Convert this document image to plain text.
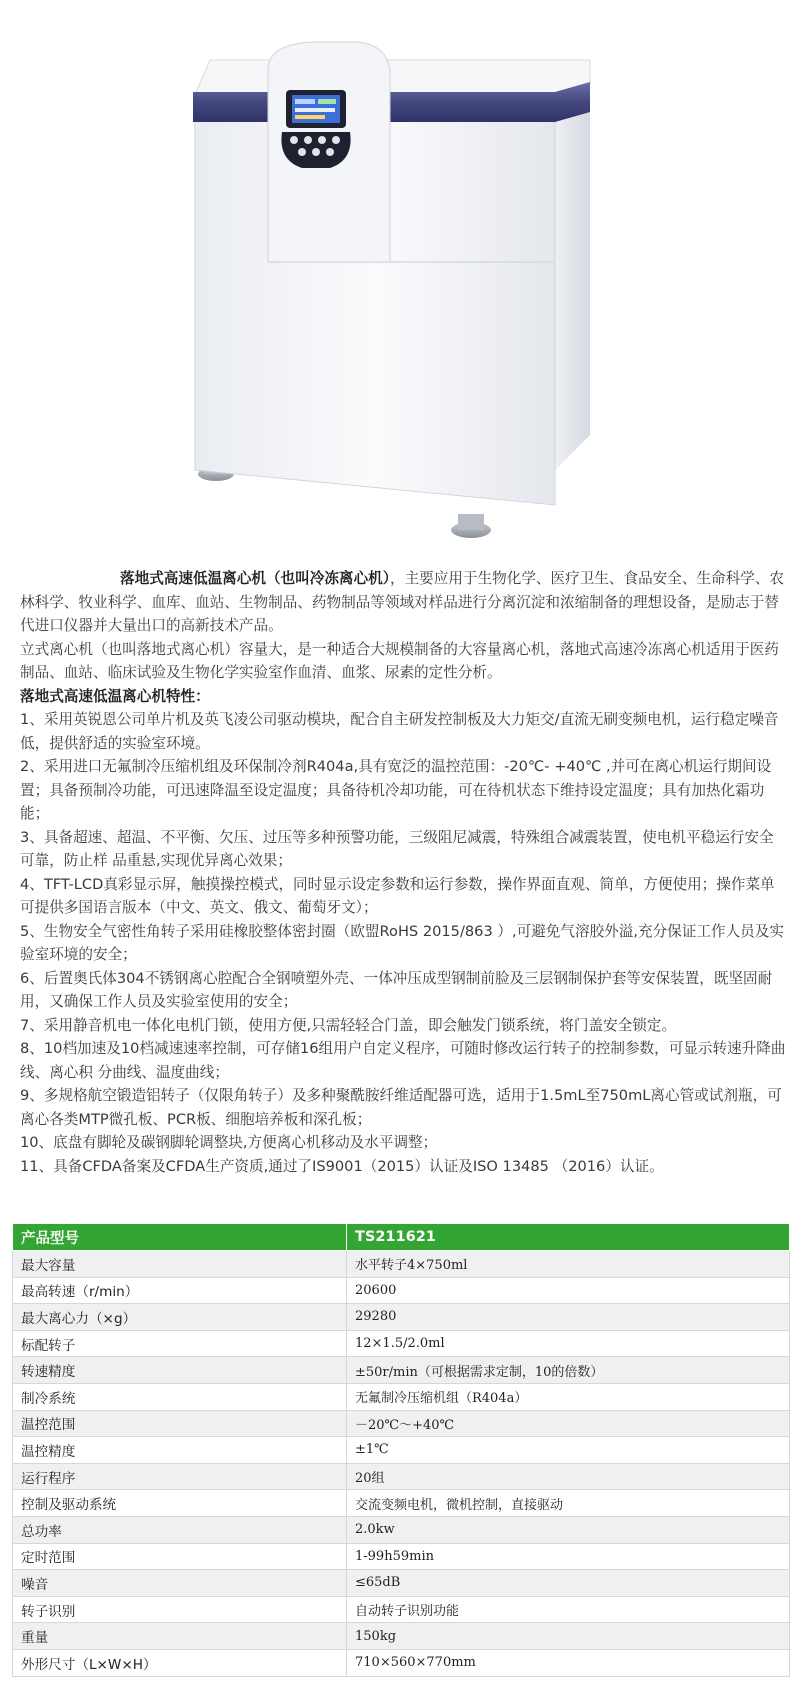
落地式高速低温离心机（也叫冷冻离心机），主要应用于生物化学、医疗卫生、食品安全、生命科学、农林科学、牧业科学、血库、血站、生物制品、药物制品等领域对样品进行分离沉淀和浓缩制备的理想设备，是励志于替代进口仪器并大量出口的高新技术产品。

立式离心机（也叫落地式离心机）容量大，是一种适合大规模制备的大容量离心机，落地式高速冷冻离心机适用于医药制品、血站、临床试验及生物化学实验室作血清、血浆、尿素的定性分析。

落地式高速低温离心机特性：

1、采用英锐恩公司单片机及英飞凌公司驱动模块，配合自主研发控制板及大力矩交/直流无刷变频电机，运行稳定噪音低，提供舒适的实验室环境。

2、采用进口无氟制冷压缩机组及环保制冷剂R404a,具有宽泛的温控范围：-20℃- +40℃ ,并可在离心机运行期间设置；具备预制冷功能，可迅速降温至设定温度；具备待机冷却功能，可在待机状态下维持设定温度；具有加热化霜功能；

3、具备超速、超温、不平衡、欠压、过压等多种预警功能，三级阻尼减震，特殊组合减震装置，使电机平稳运行安全可靠，防止样 品重悬,实现优异离心效果；

4、TFT-LCD真彩显示屏，触摸操控模式，同时显示设定参数和运行参数，操作界面直观、简单，方便使用；操作菜单可提供多国语言版本（中文、英文、俄文、葡萄牙文）；

5、生物安全气密性角转子采用硅橡胶整体密封圈（欧盟RoHS 2015/863 ）,可避免气溶胶外溢,充分保证工作人员及实验室环境的安全；

6、后置奥氏体304不锈钢离心腔配合全钢喷塑外壳、一体冲压成型钢制前脸及三层钢制保护套等安保装置，既坚固耐用，又确保工作人员及实验室使用的安全；

7、采用静音机电一体化电机门锁，使用方便,只需轻轻合门盖，即会触发门锁系统，将门盖安全锁定。

8、10档加速及10档减速速率控制，可存储16组用户自定义程序，可随时修改运行转子的控制参数，可显示转速升降曲线、离心积 分曲线、温度曲线；

9、多规格航空锻造铝转子（仅限角转子）及多种聚酰胺纤维适配器可选，适用于1.5mL至750mL离心管或试剂瓶，可离心各类MTP微孔板、PCR板、细胞培养板和深孔板；

10、底盘有脚轮及碳钢脚轮调整块,方便离心机移动及水平调整；

11、具备CFDA备案及CFDA生产资质,通过了IS9001（2015）认证及ISO 13485 （2016）认证。

产品型号	TS211621
最大容量	水平转子4×750ml
最高转速（r/min）	20600
最大离心力（×g）	29280
标配转子	12×1.5/2.0ml
转速精度	±50r/min（可根据需求定制，10的倍数）
制冷系统	无氟制冷压缩机组（R404a）
温控范围	－20℃～+40℃
温控精度	±1℃
运行程序	20组
控制及驱动系统	交流变频电机，微机控制，直接驱动
总功率	2.0kw
定时范围	1-99h59min
噪音	≤65dB
转子识别	自动转子识别功能
重量	150kg
外形尺寸（L×W×H）	710×560×770mm
